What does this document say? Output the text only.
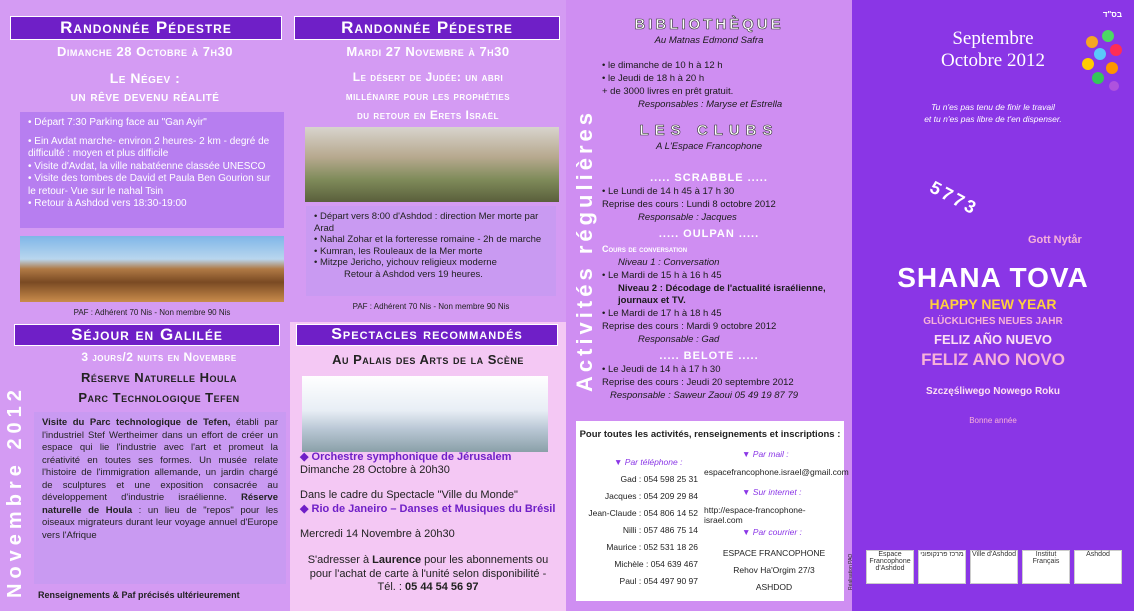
Randonnée Pédestre
Dimanche 28 Octobre à 7h30
Le Négev :
un rêve devenu réalité
• Départ 7:30 Parking face au "Gan Ayir"
• Ein Avdat marche- environ 2 heures- 2 km - degré de difficulté : moyen et plus difficile
• Visite d'Avdat, la ville nabatéenne classée UNESCO
• Visite des tombes de David et Paula Ben Gourion sur le retour- Vue sur le nahal Tsin
• Retour à Ashdod vers 18:30-19:00
PAF : Adhérent 70 Nis - Non membre 90 Nis
Séjour en Galilée
3 jours/2 nuits en Novembre
Réserve Naturelle Houla
Parc Technologique Tefen
Visite du Parc technologique de Tefen, établi par l'industriel Stef Wertheimer dans un effort de créer un espace qui lie l'industrie avec l'art et promeut la créativité en toutes ses formes. Un musée relate l'histoire de l'immigration allemande, un jardin chargé de sculptures et une exposition consacrée au développement d'industrie israélienne. Réserve naturelle de Houla : un lieu de "repos" pour les oiseaux migrateurs durant leur voyage annuel d'Europe vers l'Afrique
Renseignements & Paf précisés ultérieurement
Novembre 2012
Randonnée Pédestre
Mardi 27 Novembre à 7h30
Le désert de Judée: un abri
millénaire pour les prophéties
du retour en Erets Israël
• Départ vers 8:00 d'Ashdod : direction Mer morte par Arad
• Nahal Zohar et la forteresse romaine - 2h de marche
• Kumran, les Rouleaux de la Mer morte
• Mitzpe Jericho, yichouv religieux moderne
Retour à Ashdod vers 19 heures.
PAF : Adhérent 70 Nis - Non membre 90 Nis
Spectacles recommandés
Au Palais des Arts de la Scène
◆ Orchestre symphonique de Jérusalem
Dimanche 28 Octobre à 20h30
Dans le cadre du Spectacle "Ville du Monde"
◆ Rio de Janeiro – Danses et Musiques du Brésil
Mercredi 14 Novembre à 20h30
S'adresser à Laurence pour les abonnements ou pour l'achat de carte à l'unité selon disponibilité - Tél. : 05 44 54 56 97
Activités régulières
BIBLIOTHÈQUE
Au Matnas Edmond Safra
• le dimanche de 10 h à 12 h
• le Jeudi de 18 h à 20 h
+ de 3000 livres en prêt gratuit.
Responsables : Maryse et Estrella
LES CLUBS
A L'Espace Francophone
..... SCRABBLE .....
• Le Lundi de 14 h 45 à 17 h 30
Reprise des cours : Lundi 8 octobre 2012
Responsable : Jacques
..... OULPAN .....
Cours de conversation
Niveau 1 : Conversation
• Le Mardi de 15 h à 16 h 45
Niveau 2 : Décodage de l'actualité israélienne,
journaux et TV.
• Le Mardi de 17 h à 18 h 45
Reprise des cours : Mardi 9 octobre 2012
Responsable : Gad
..... BELOTE .....
• Le Jeudi de 14 h à 17 h 30
Reprise des cours : Jeudi 20 septembre 2012
Responsable : Saweur Zaoui 05 49 19 87 79
Pour toutes les activités, renseignements et inscriptions :
▼ Par téléphone :
Gad : 054 598 25 31
Jacques : 054 209 29 84
Jean-Claude : 054 806 14 52
Nilli : 057 486 75 14
Maurice : 052 531 18 26
Michèle : 054 639 467
Paul : 054 497 90 97
▼ Par mail :
espacefrancophone.israel@gmail.com
▼ Sur internet :
http://espace-francophone-israel.com
▼ Par courrier :
ESPACE FRANCOPHONE
Rehov Ha'Orgim 27/3
ASHDOD
בס"ד
Septembre
Octobre 2012
Tu n'es pas tenu de finir le travail
et tu n'es pas libre de t'en dispenser.
5773
Gott Nytår
SHANA TOVA
HAPPY NEW YEAR
GLÜCKLICHES NEUES JAHR
FELIZ AÑO NUEVO
FELIZ ANO NOVO
Szczęśliwego Nowego Roku
Bonne année
Réalisation PAO	Espace Francophone d'Ashdod
מרכז פרנקופוני	Ville d'Ashdod	Institut Français
Ashdod
